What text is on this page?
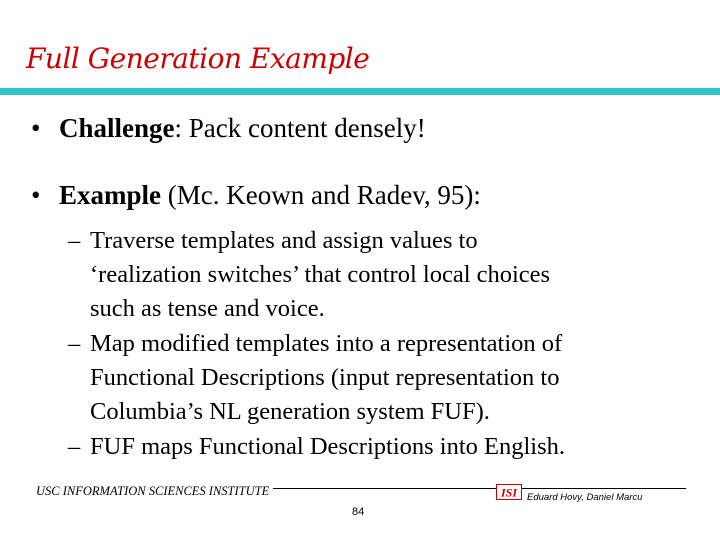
Full Generation Example
• Challenge: Pack content densely!
• Example (Mc. Keown and Radev, 95):
– Traverse templates and assign values to
‘realization switches’ that control local choices
such as tense and voice.
– Map modified templates into a representation of
Functional Descriptions (input representation to
Columbia’s NL generation system FUF).
– FUF maps Functional Descriptions into English.
USC INFORMATION SCIENCES INSTITUTE
84
ISI Eduard Hovy, Daniel Marcu
